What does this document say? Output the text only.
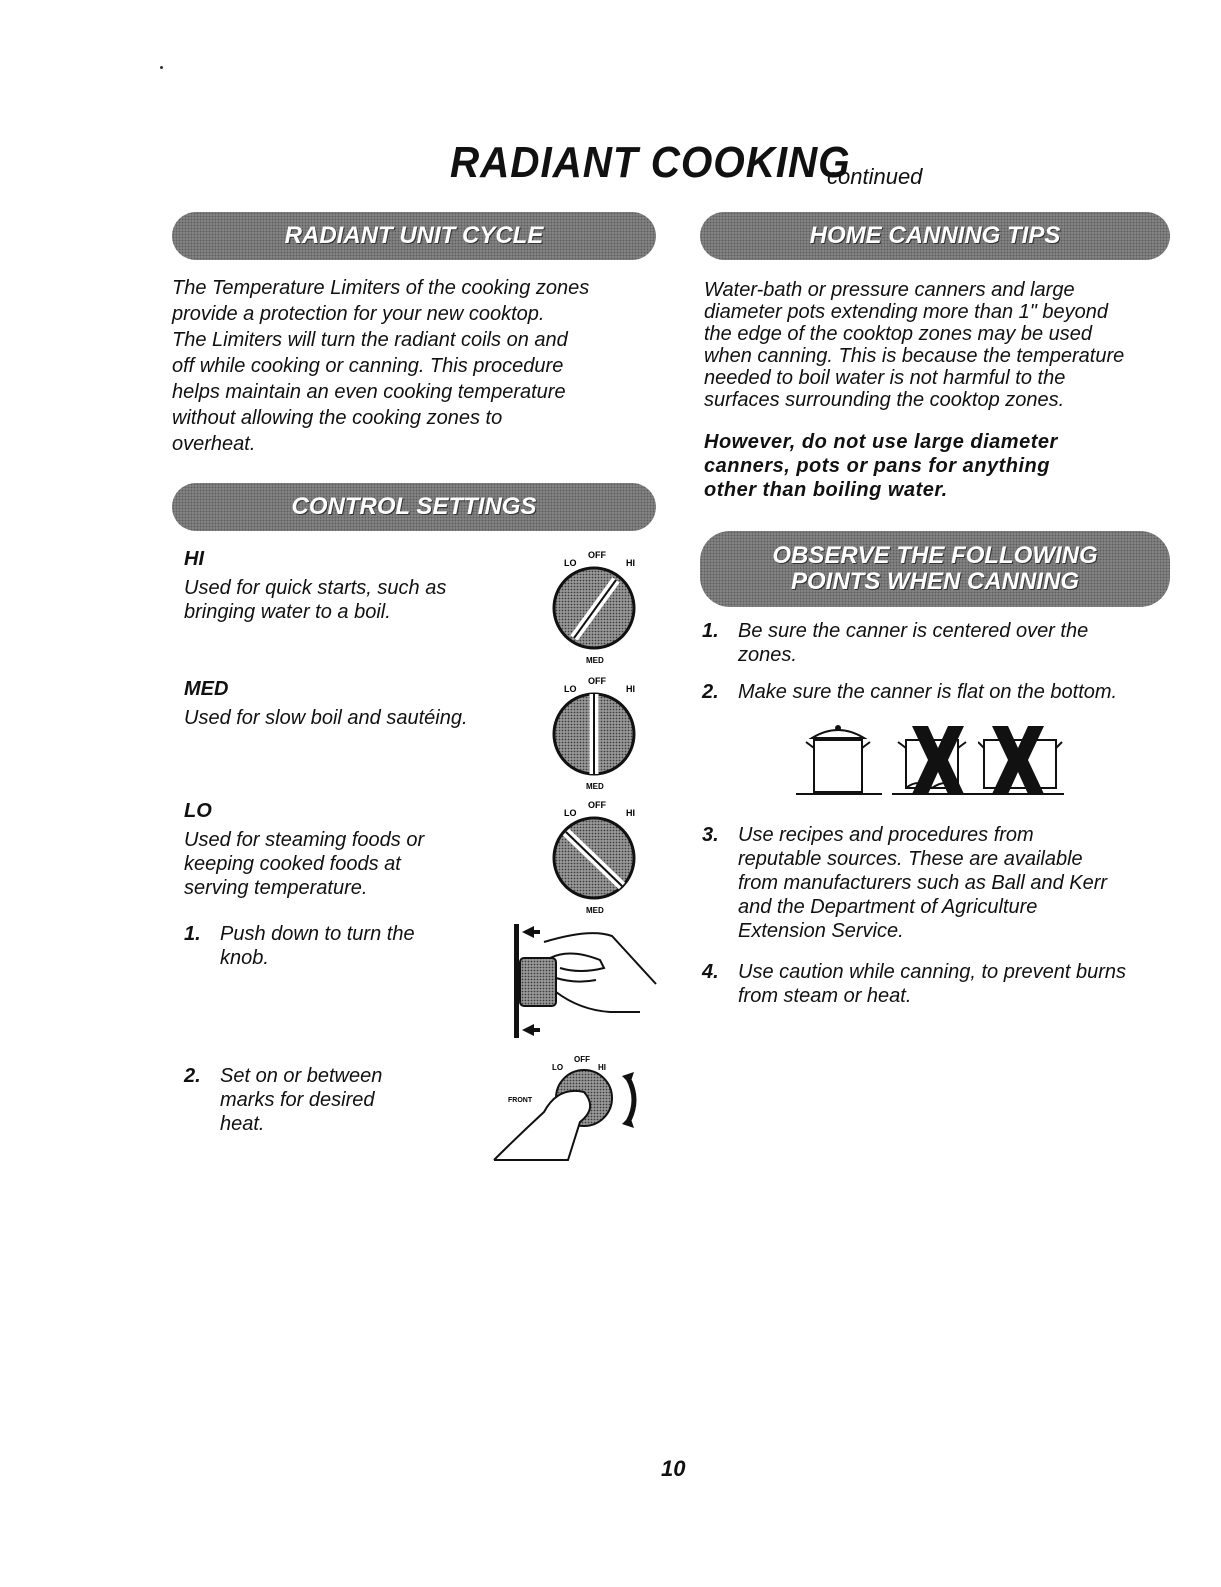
RADIANT COOKING
continued
RADIANT UNIT CYCLE
The Temperature Limiters of the cooking zones
provide a protection for your new cooktop.
The Limiters will turn the radiant coils on and
off while cooking or canning. This procedure
helps maintain an even cooking temperature
without allowing the cooking zones to
overheat.
CONTROL SETTINGS
HI
Used for quick starts, such as
bringing water to a boil.
MED
Used for slow boil and sautéing.
LO
Used for steaming foods or
keeping cooked foods at
serving temperature.
1. Push down to turn the
knob.
2. Set on or between
marks for desired
heat.
LO
OFF
HI
MED
LO
OFF
HI
MED
LO
OFF
HI
MED
FRONT
LO
OFF
HI
HOME CANNING TIPS
Water-bath or pressure canners and large
diameter pots extending more than 1" beyond
the edge of the cooktop zones may be used
when canning. This is because the temperature
needed to boil water is not harmful to the
surfaces surrounding the cooktop zones.
However, do not use large diameter
canners, pots or pans for anything
other than boiling water.
OBSERVE THE FOLLOWING
POINTS WHEN CANNING
1. Be sure the canner is centered over the
zones.
2. Make sure the canner is flat on the bottom.
3. Use recipes and procedures from
reputable sources. These are available
from manufacturers such as Ball and Kerr
and the Department of Agriculture
Extension Service.
4. Use caution while canning, to prevent burns
from steam or heat.
10
